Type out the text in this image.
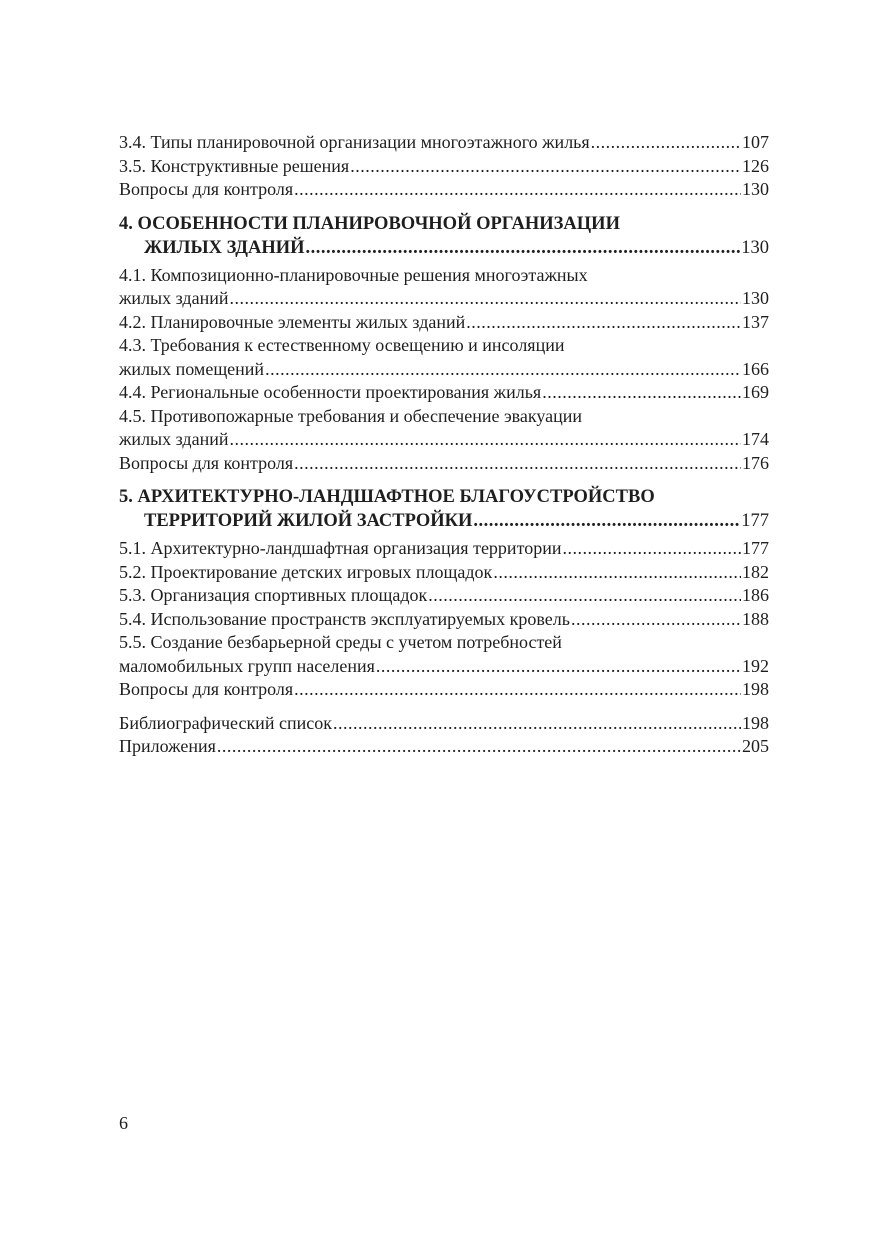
3.4. Типы планировочной организации многоэтажного жилья .....	107
3.5. Конструктивные решения .....	126
Вопросы для контроля .....	130
4. ОСОБЕННОСТИ ПЛАНИРОВОЧНОЙ ОРГАНИЗАЦИИ
ЖИЛЫХ ЗДАНИЙ .....	130
4.1. Композиционно-планировочные решения многоэтажных
жилых зданий .....	130
4.2. Планировочные элементы жилых зданий .....	137
4.3. Требования к естественному освещению и инсоляции
жилых помещений .....	166
4.4. Региональные особенности проектирования жилья .....	169
4.5. Противопожарные требования и обеспечение эвакуации
жилых зданий .....	174
Вопросы для контроля .....	176
5. АРХИТЕКТУРНО-ЛАНДШАФТНОЕ БЛАГОУСТРОЙСТВО
ТЕРРИТОРИЙ ЖИЛОЙ ЗАСТРОЙКИ .....	177
5.1. Архитектурно-ландшафтная организация территории .....	177
5.2. Проектирование детских игровых площадок .....	182
5.3. Организация спортивных площадок .....	186
5.4. Использование пространств эксплуатируемых кровель .....	188
5.5. Создание безбарьерной среды с учетом потребностей
маломобильных групп населения .....	192
Вопросы для контроля .....	198
Библиографический список .....	198
Приложения .....	205
6
